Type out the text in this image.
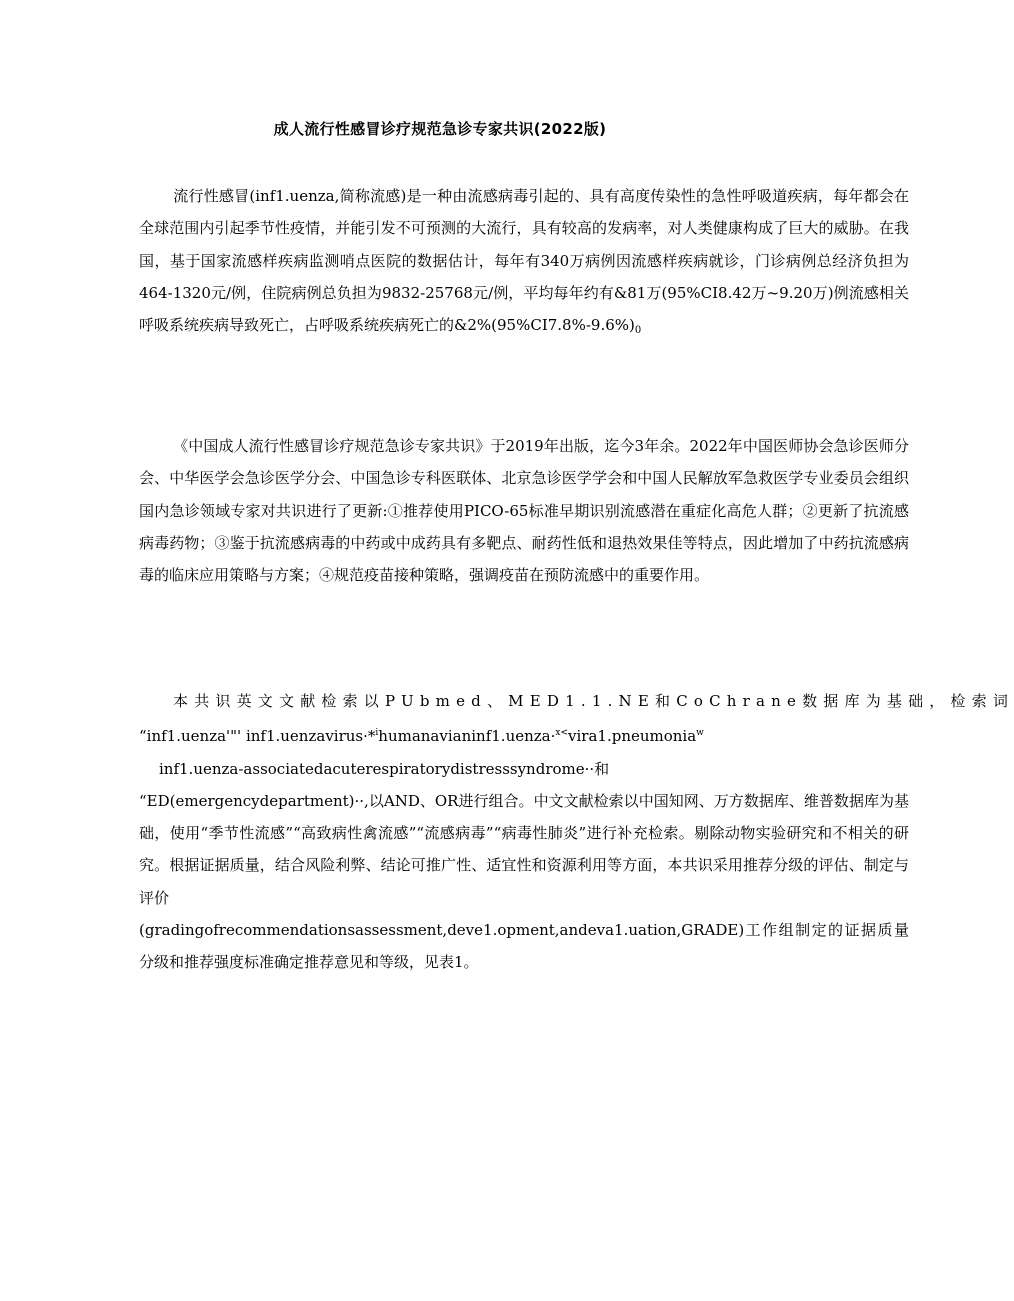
成人流行性感冒诊疗规范急诊专家共识(2022版)

流行性感冒(inf1.uenza,简称流感)是一种由流感病毒引起的、具有高度传染性的急性呼吸道疾病，每年都会在全球范围内引起季节性疫情，并能引发不可预测的大流行，具有较高的发病率，对人类健康构成了巨大的威胁。在我国，基于国家流感样疾病监测哨点医院的数据估计，每年有340万病例因流感样疾病就诊，门诊病例总经济负担为464-1320元/例，住院病例总负担为9832-25768元/例，平均每年约有&81万(95%CI8.42万~9.20万)例流感相关呼吸系统疾病导致死亡，占呼吸系统疾病死亡的$\&2\%(95\%CI7.8\%-9.6\%)_0$

《中国成人流行性感冒诊疗规范急诊专家共识》于2019年出版，迄今3年余。2022年中国医师协会急诊医师分会、中华医学会急诊医学分会、中国急诊专科医联体、北京急诊医学学会和中国人民解放军急救医学专业委员会组织国内急诊领域专家对共识进行了更新:①推荐使用PICO-65标准早期识别流感潜在重症化高危人群；②更新了抗流感病毒药物；③鉴于抗流感病毒的中药或中成药具有多靶点、耐药性低和退热效果佳等特点，因此增加了中药抗流感病毒的临床应用策略与方案；④规范疫苗接种策略，强调疫苗在预防流感中的重要作用。

本共识英文文献检索以PUbmed、MED1.1.NE和CoChrane数据库为基础，检索词
“inf1.uenza'"' inf1.uenzavirus·*$^i$humanavianinf1.uenza·$^{x<}$vira1.pneumonia$^w$
inf1.uenza-associatedacuterespiratorydistresssyndrome··和
“ED(emergencydepartment)··,以AND、OR进行组合。中文文献检索以中国知网、万方数据库、维普数据库为基础，使用“季节性流感”“高致病性禽流感”“流感病毒”“病毒性肺炎”进行补充检索。剔除动物实验研究和不相关的研究。根据证据质量，结合风险利弊、结论可推广性、适宜性和资源利用等方面，本共识采用推荐分级的评估、制定与评价
(gradingofrecommendationsassessment,deve1.opment,andeva1.uation,GRADE)工作组制定的证据质量分级和推荐强度标准确定推荐意见和等级，见表1。
